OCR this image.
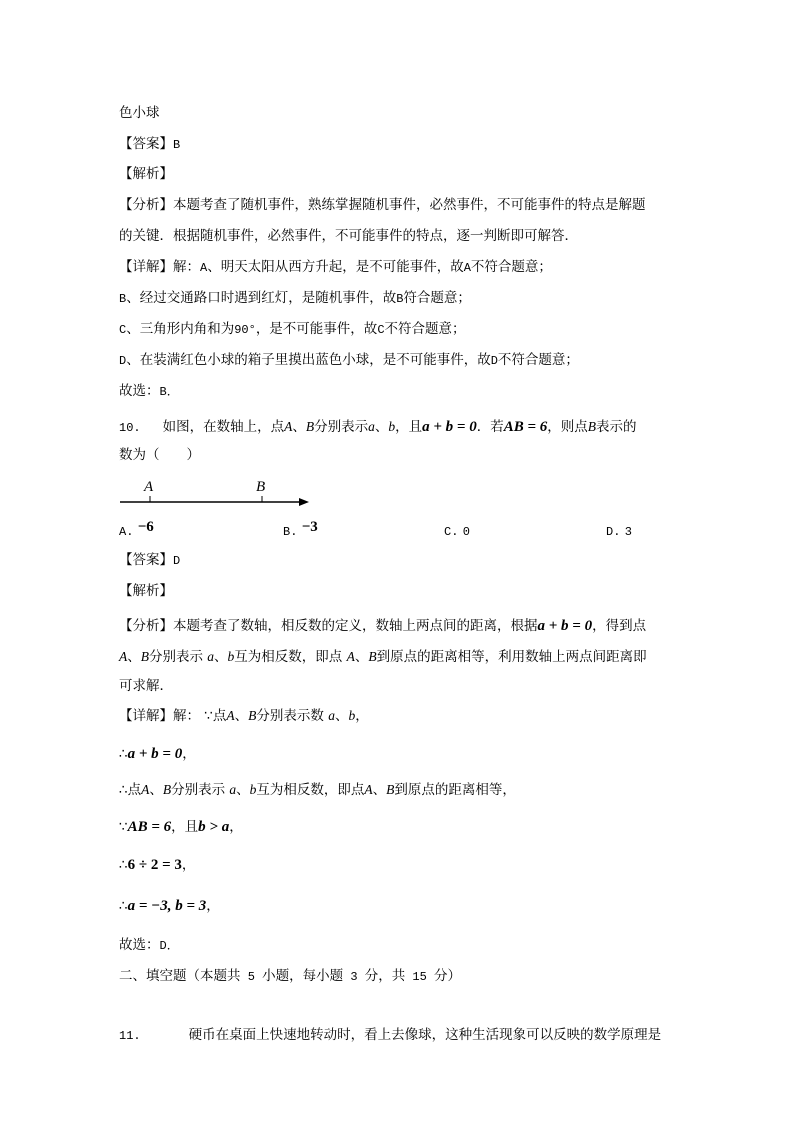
色小球
【答案】B
【解析】
【分析】本题考查了随机事件，熟练掌握随机事件，必然事件，不可能事件的特点是解题
的关键．根据随机事件，必然事件，不可能事件的特点，逐一判断即可解答．
【详解】解：A、明天太阳从西方升起，是不可能事件，故A不符合题意；
B、经过交通路口时遇到红灯，是随机事件，故B符合题意；
C、三角形内角和为90°，是不可能事件，故C不符合题意；
D、在装满红色小球的箱子里摸出蓝色小球，是不可能事件，故D不符合题意；
故选：B．
10. 如图，在数轴上，点A、B分别表示a、b，且a + b = 0．若AB = 6，则点B表示的
数为（　　）
A	B
A. −6	B. −3	C. 0	D. 3
【答案】D
【解析】
【分析】本题考查了数轴，相反数的定义，数轴上两点间的距离，根据a + b = 0，得到点
A、B分别表示 a、b互为相反数，即点 A、B到原点的距离相等，利用数轴上两点间距离即
可求解．
【详解】解： ∵点A、B分别表示数 a、b，
∴a + b = 0，
∴点A、B分别表示 a、b互为相反数，即点A、B到原点的距离相等，
∵AB = 6，且b > a，
∴6 ÷ 2 = 3，
∴a = −3, b = 3，
故选：D．
二、填空题（本题共 5 小题，每小题 3 分，共 15 分）
11.	硬币在桌面上快速地转动时，看上去像球，这种生活现象可以反映的数学原理是
